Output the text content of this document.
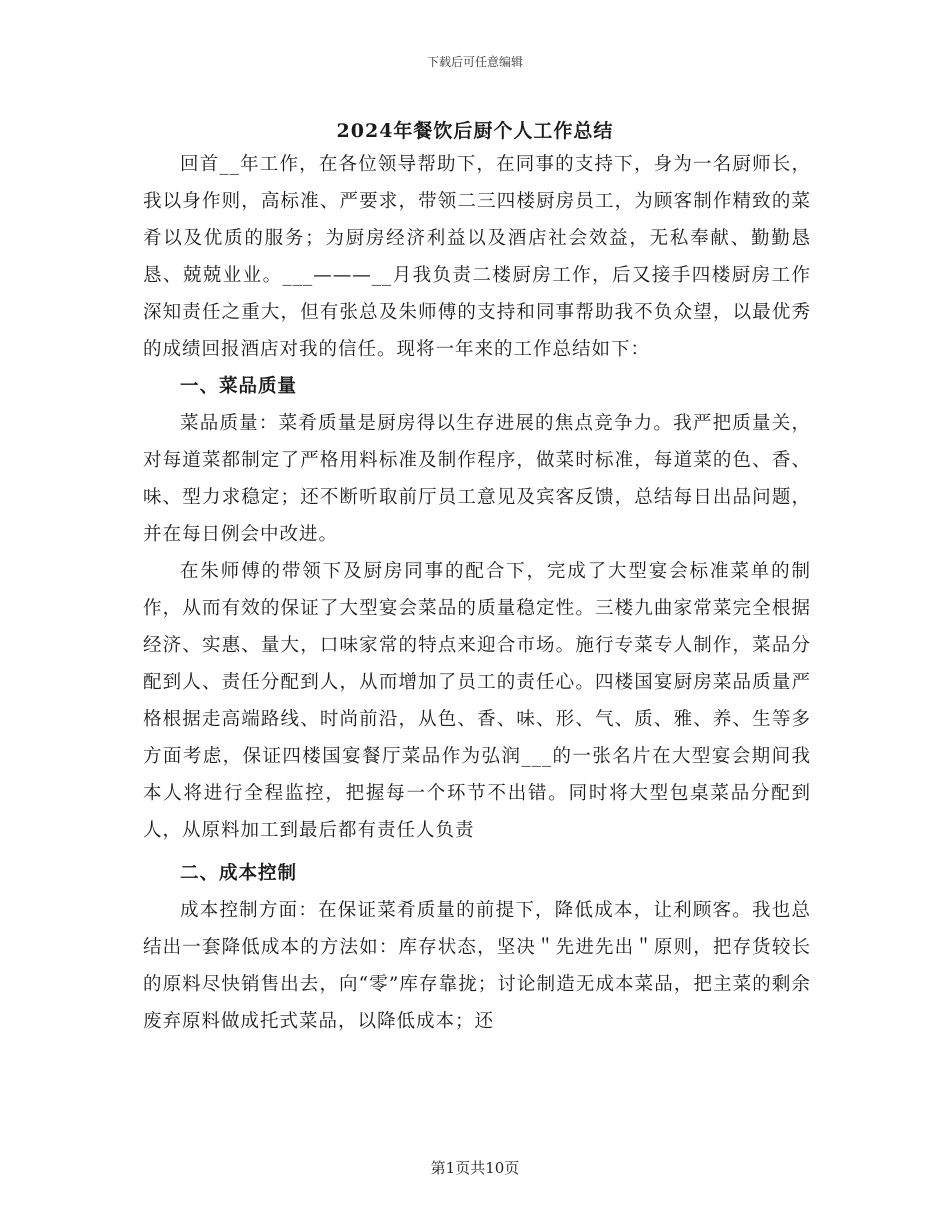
下载后可任意编辑
2024年餐饮后厨个人工作总结

回首__年工作，在各位领导帮助下，在同事的支持下，身为一名厨师长，我以身作则，高标准、严要求，带领二三四楼厨房员工，为顾客制作精致的菜肴以及优质的服务；为厨房经济利益以及酒店社会效益，无私奉献、勤勤恳恳、兢兢业业。___———__月我负责二楼厨房工作，后又接手四楼厨房工作深知责任之重大，但有张总及朱师傅的支持和同事帮助我不负众望，以最优秀的成绩回报酒店对我的信任。现将一年来的工作总结如下：

一、菜品质量

菜品质量：菜肴质量是厨房得以生存进展的焦点竞争力。我严把质量关，对每道菜都制定了严格用料标准及制作程序，做菜时标准，每道菜的色、香、味、型力求稳定；还不断听取前厅员工意见及宾客反馈，总结每日出品问题，并在每日例会中改进。

在朱师傅的带领下及厨房同事的配合下，完成了大型宴会标准菜单的制作，从而有效的保证了大型宴会菜品的质量稳定性。三楼九曲家常菜完全根据经济、实惠、量大，口味家常的特点来迎合市场。施行专菜专人制作，菜品分配到人、责任分配到人，从而增加了员工的责任心。四楼国宴厨房菜品质量严格根据走高端路线、时尚前沿，从色、香、味、形、气、质、雅、养、生等多方面考虑，保证四楼国宴餐厅菜品作为弘润___的一张名片在大型宴会期间我本人将进行全程监控，把握每一个环节不出错。同时将大型包桌菜品分配到人，从原料加工到最后都有责任人负责

二、成本控制

成本控制方面：在保证菜肴质量的前提下，降低成本，让利顾客。我也总结出一套降低成本的方法如：库存状态，坚决＂先进先出＂原则，把存货较长的原料尽快销售出去，向“零”库存靠拢；讨论制造无成本菜品，把主菜的剩余废弃原料做成托式菜品，以降低成本；还

第1页共10页
